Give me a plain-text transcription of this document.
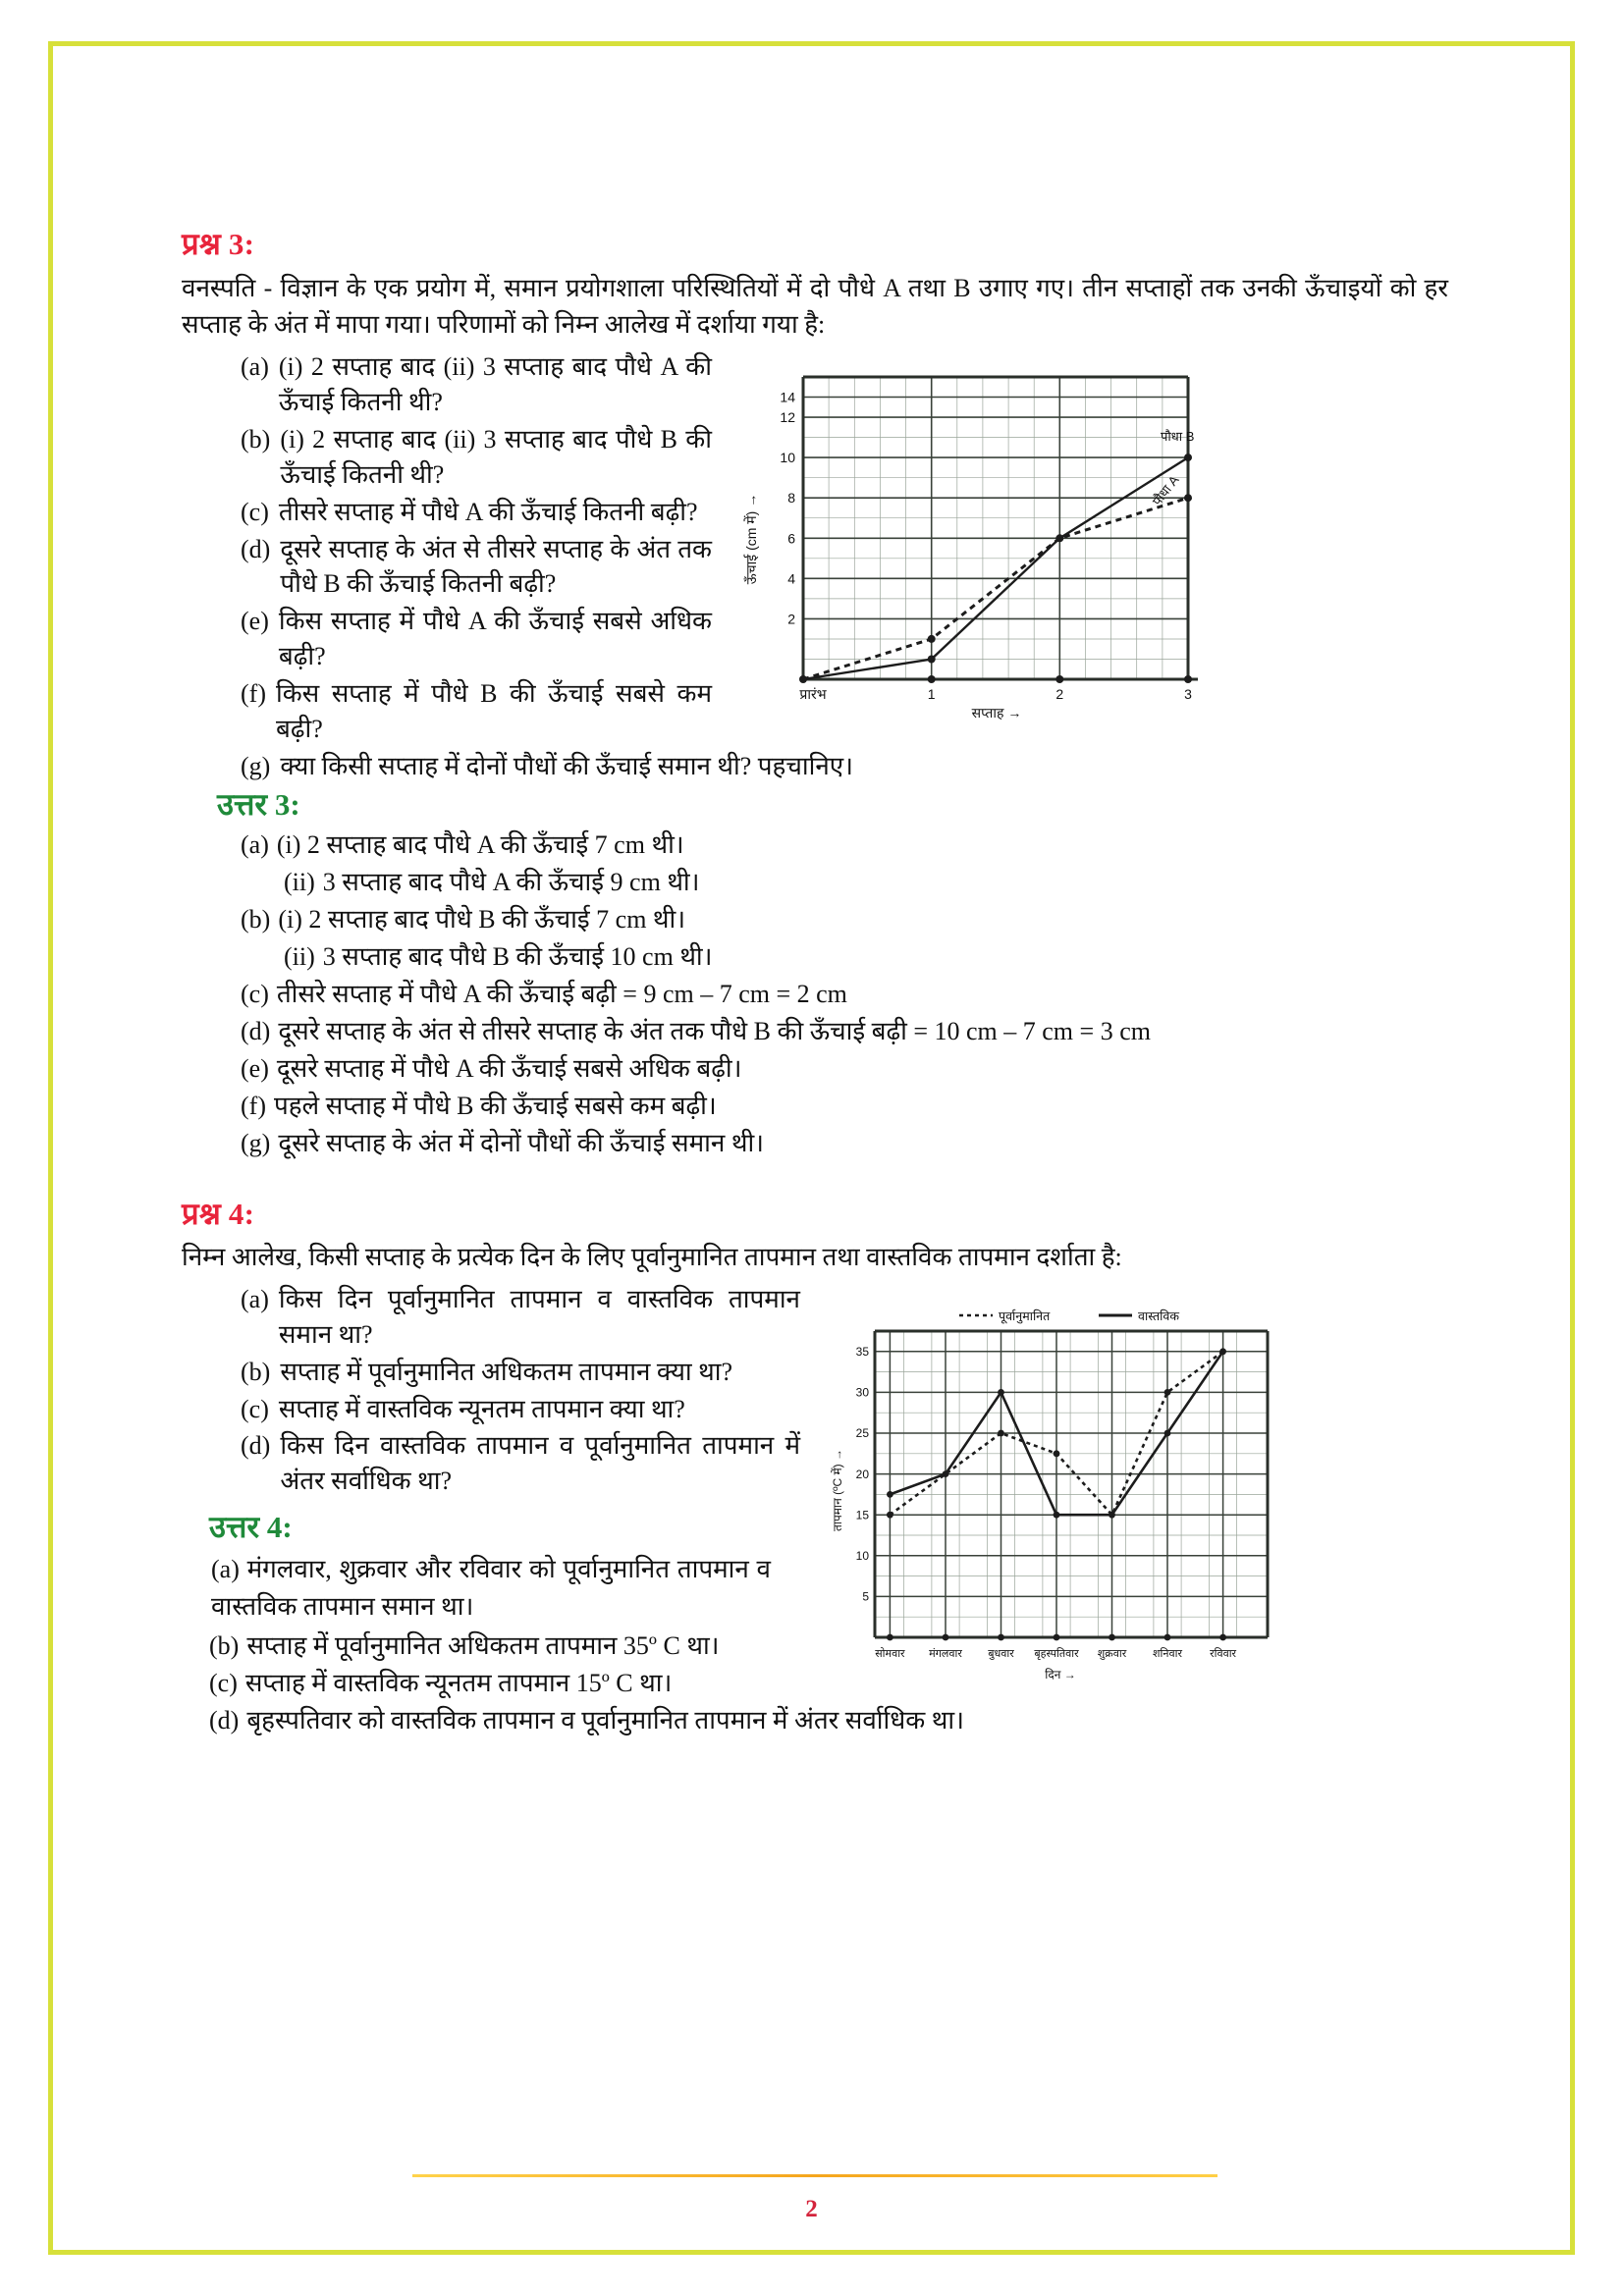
प्रश्न 3:

वनस्पति - विज्ञान के एक प्रयोग में, समान प्रयोगशाला परिस्थितियों में दो पौधे A तथा B उगाए गए। तीन सप्ताहों तक उनकी ऊँचाइयों को हर सप्ताह के अंत में मापा गया। परिणामों को निम्न आलेख में दर्शाया गया है:

14
12
10
8
6
4
2
प्रारंभ	1	2	3
सप्ताह →
ऊँचाई (cm में) →
पौधा B
पौधा A
(a) (i) 2 सप्ताह बाद (ii) 3 सप्ताह बाद पौधे A की ऊँचाई कितनी थी?
(b) (i) 2 सप्ताह बाद (ii) 3 सप्ताह बाद पौधे B की ऊँचाई कितनी थी?
(c) तीसरे सप्ताह में पौधे A की ऊँचाई कितनी बढ़ी?
(d) दूसरे सप्ताह के अंत से तीसरे सप्ताह के अंत तक पौधे B की ऊँचाई कितनी बढ़ी?
(e) किस सप्ताह में पौधे A की ऊँचाई सबसे अधिक बढ़ी?
(f) किस सप्ताह में पौधे B की ऊँचाई सबसे कम बढ़ी?
(g) क्या किसी सप्ताह में दोनों पौधों की ऊँचाई समान थी? पहचानिए।
उत्तर 3:
(a) (i) 2 सप्ताह बाद पौधे A की ऊँचाई 7 cm थी।
(ii) 3 सप्ताह बाद पौधे A की ऊँचाई 9 cm थी।
(b) (i) 2 सप्ताह बाद पौधे B की ऊँचाई 7 cm थी।
(ii) 3 सप्ताह बाद पौधे B की ऊँचाई 10 cm थी।
(c) तीसरे सप्ताह में पौधे A की ऊँचाई बढ़ी = 9 cm – 7 cm = 2 cm
(d) दूसरे सप्ताह के अंत से तीसरे सप्ताह के अंत तक पौधे B की ऊँचाई बढ़ी = 10 cm – 7 cm = 3 cm
(e) दूसरे सप्ताह में पौधे A की ऊँचाई सबसे अधिक बढ़ी।
(f) पहले सप्ताह में पौधे B की ऊँचाई सबसे कम बढ़ी।
(g) दूसरे सप्ताह के अंत में दोनों पौधों की ऊँचाई समान थी।
प्रश्न 4:

निम्न आलेख, किसी सप्ताह के प्रत्येक दिन के लिए पूर्वानुमानित तापमान तथा वास्तविक तापमान दर्शाता है:

पूर्वानुमानित	वास्तविक
35
30
25
20
15
10
5
सोमवार मंगलवार बुधवार बृहस्पतिवार शुक्रवार शनिवार	रविवार
दिन →
तापमान (ºC में) →
(a) किस दिन पूर्वानुमानित तापमान व वास्तविक तापमान समान था?
(b) सप्ताह में पूर्वानुमानित अधिकतम तापमान क्या था?
(c) सप्ताह में वास्तविक न्यूनतम तापमान क्या था?
(d) किस दिन वास्तविक तापमान व पूर्वानुमानित तापमान में अंतर सर्वाधिक था?
उत्तर 4:

(a) मंगलवार, शुक्रवार और रविवार को पूर्वानुमानित तापमान व वास्तविक तापमान समान था।

(b) सप्ताह में पूर्वानुमानित अधिकतम तापमान 35º C था।
(c) सप्ताह में वास्तविक न्यूनतम तापमान 15º C था।
(d) बृहस्पतिवार को वास्तविक तापमान व पूर्वानुमानित तापमान में अंतर सर्वाधिक था।
2
